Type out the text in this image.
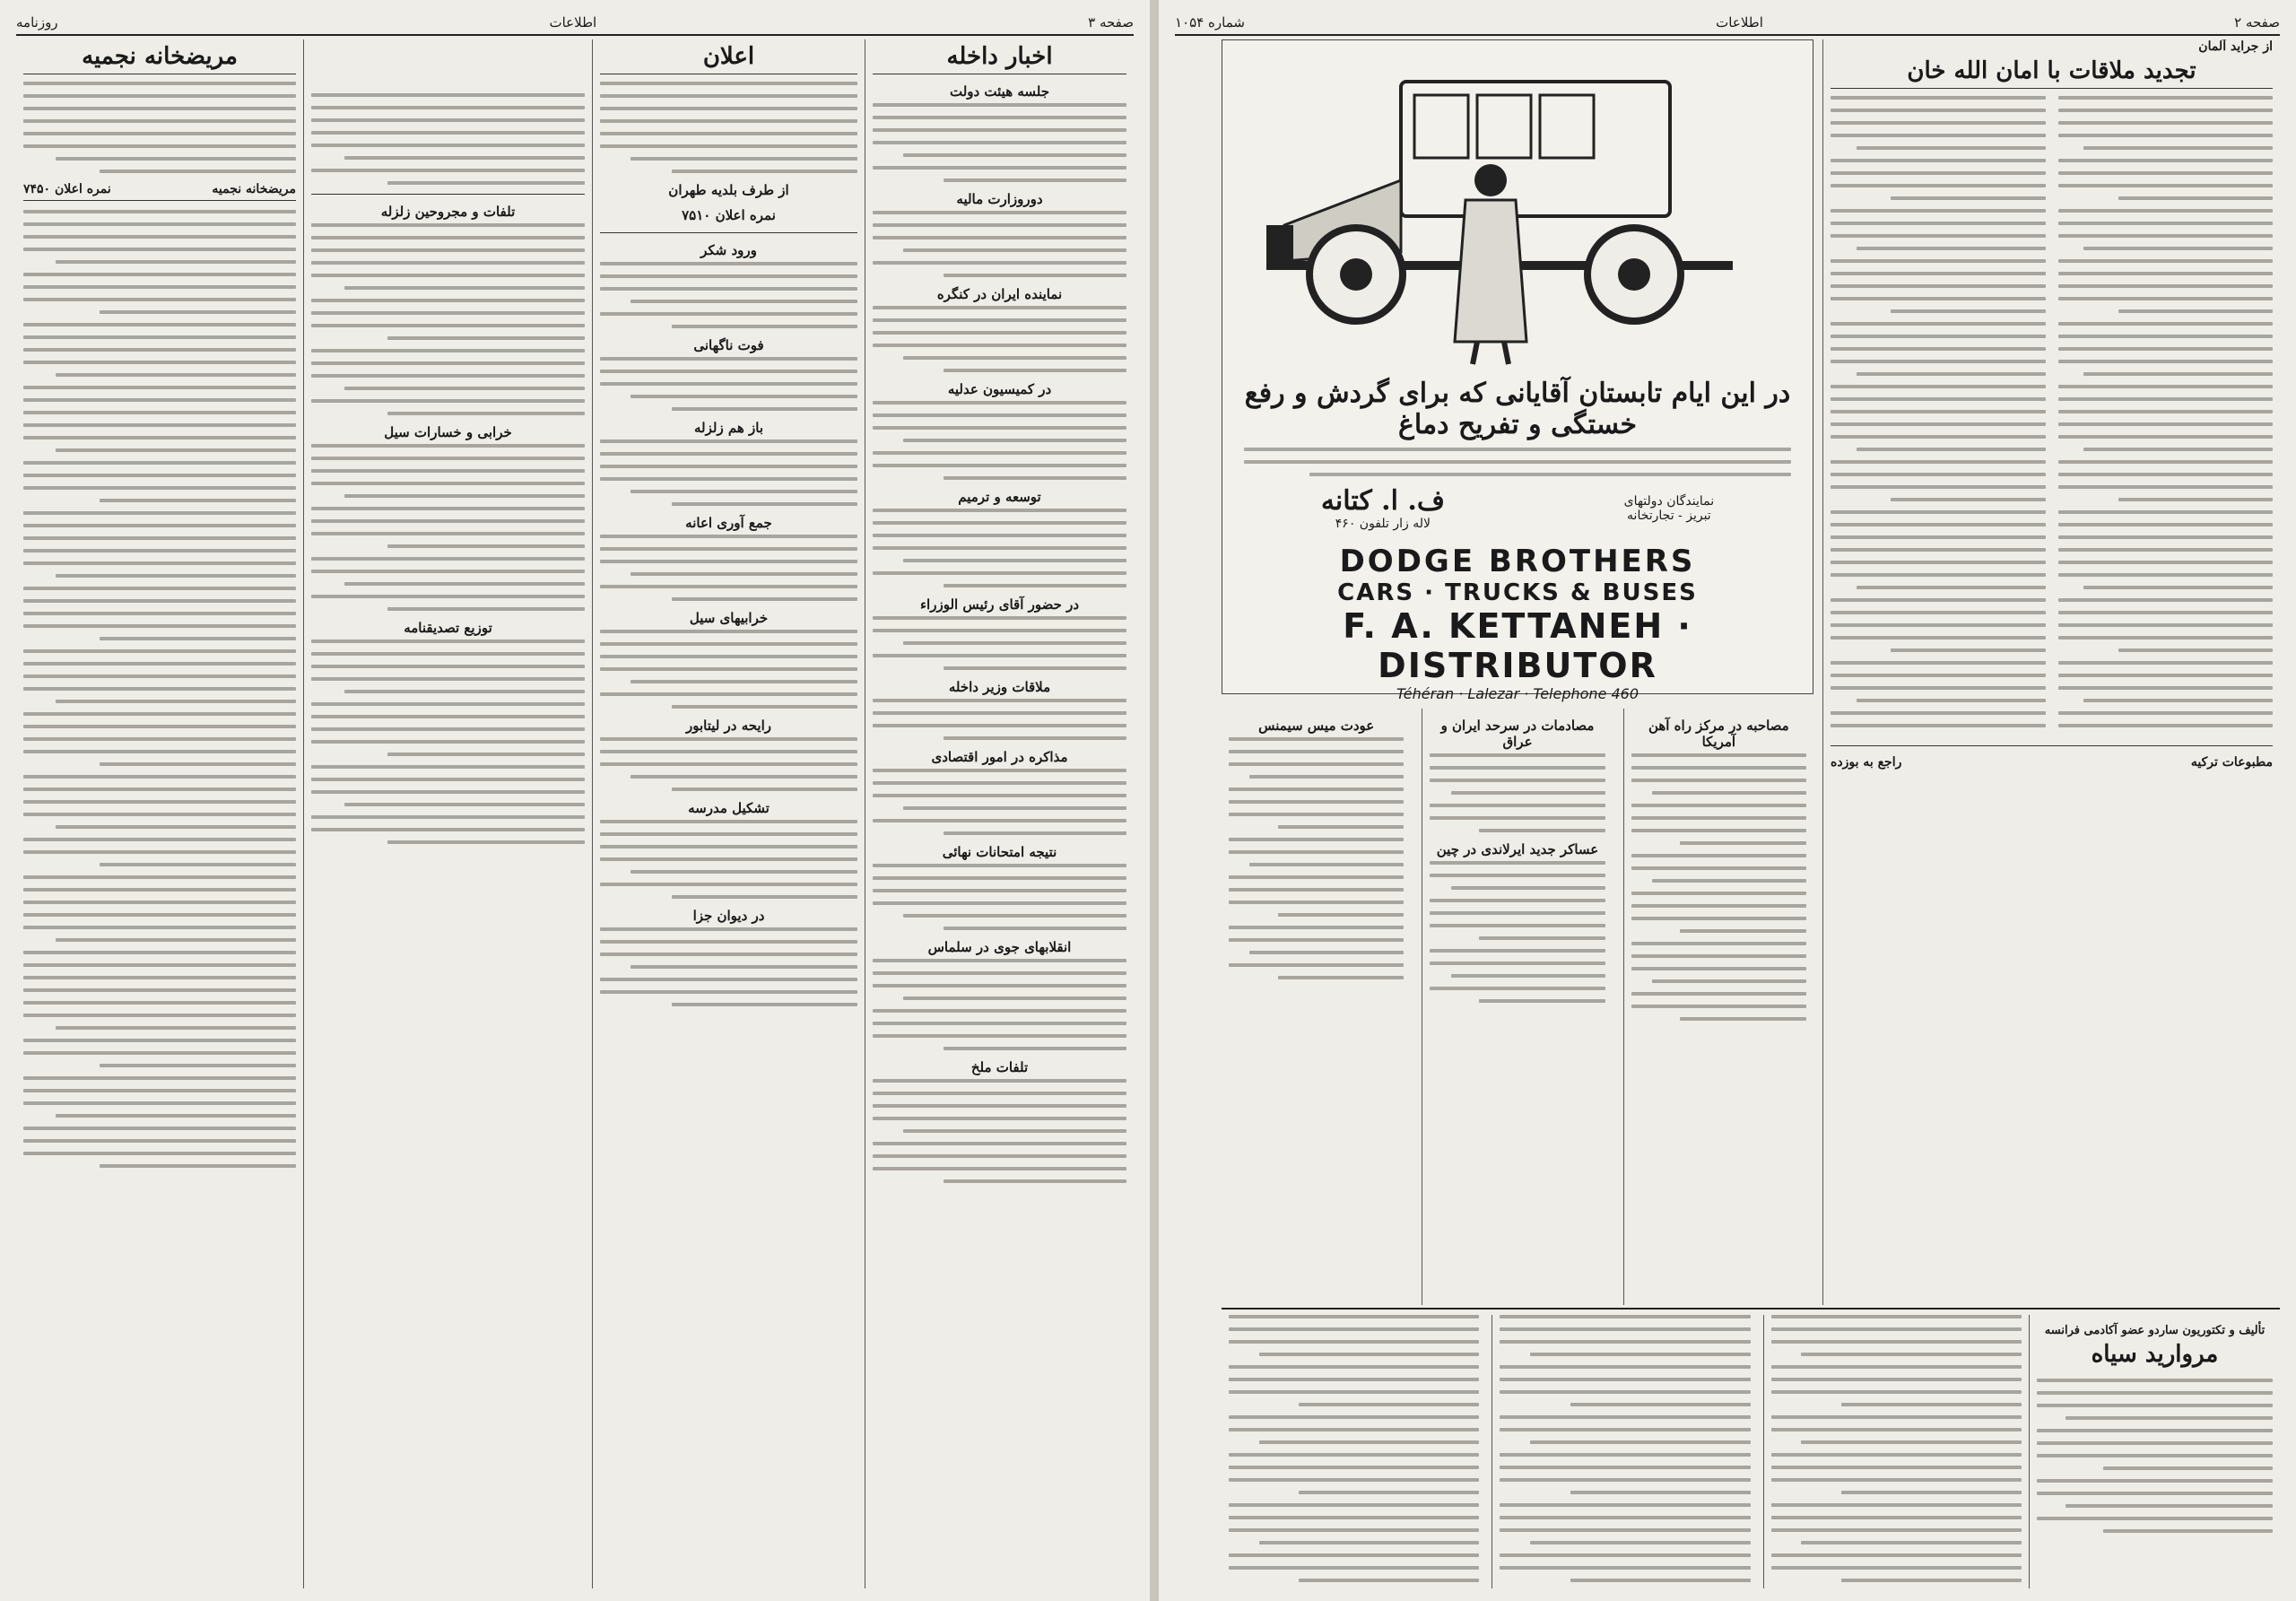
صفحه ۳
اطلاعات
روزنامه
اخبار داخله
جلسه هیئت دولت
دوروزارت مالیه
نماینده ایران در کنگره
در کمیسیون عدلیه
توسعه و ترمیم
در حضور آقای رئیس الوزراء
ملاقات وزیر داخله
مذاکره در امور اقتصادی
نتیجه امتحانات نهائی
انقلابهای جوی در سلماس
تلفات ملخ
اعلان
از طرف بلدیه طهران
نمره اعلان ۷۵۱۰
ورود شکر
فوت ناگهانی
باز هم زلزله
جمع آوری اعانه
خرابیهای سیل
رایحه در لیتابور
تشکیل مدرسه
در دیوان جزا
تلفات و مجروحین زلزله
خرابی و خسارات سیل
توزیع تصدیقنامه
مریضخانه نجمیه
مریضخانه نجمیه
نمره اعلان ۷۴۵۰
صفحه ۲
اطلاعات
شماره ۱۰۵۴
از جراید آلمان
تجدید ملاقات با امان الله خان
مطبوعات ترکیه
راجع به بوزده
در این ایام تابستان آقایانی که برای گردش و رفع خستگی و تفریح دماغ
نمایندگان دولتهای
تبریز - تجارتخانه
ف. ا. کتانه
لاله زار تلفون ۴۶۰
DODGE BROTHERS
CARS · TRUCKS & BUSES
F. A. KETTANEH · DISTRIBUTOR
Téhéran · Lalezar · Telephone 460
مصاحبه در مرکز راه آهن آمریکا
مصادمات در سرحد ایران و عراق
عساکر جدید ایرلاندی در چین
عودت میس سیمنس
تألیف و تکتوریون ساردو عضو آکادمی فرانسه
مروارید سیاه
